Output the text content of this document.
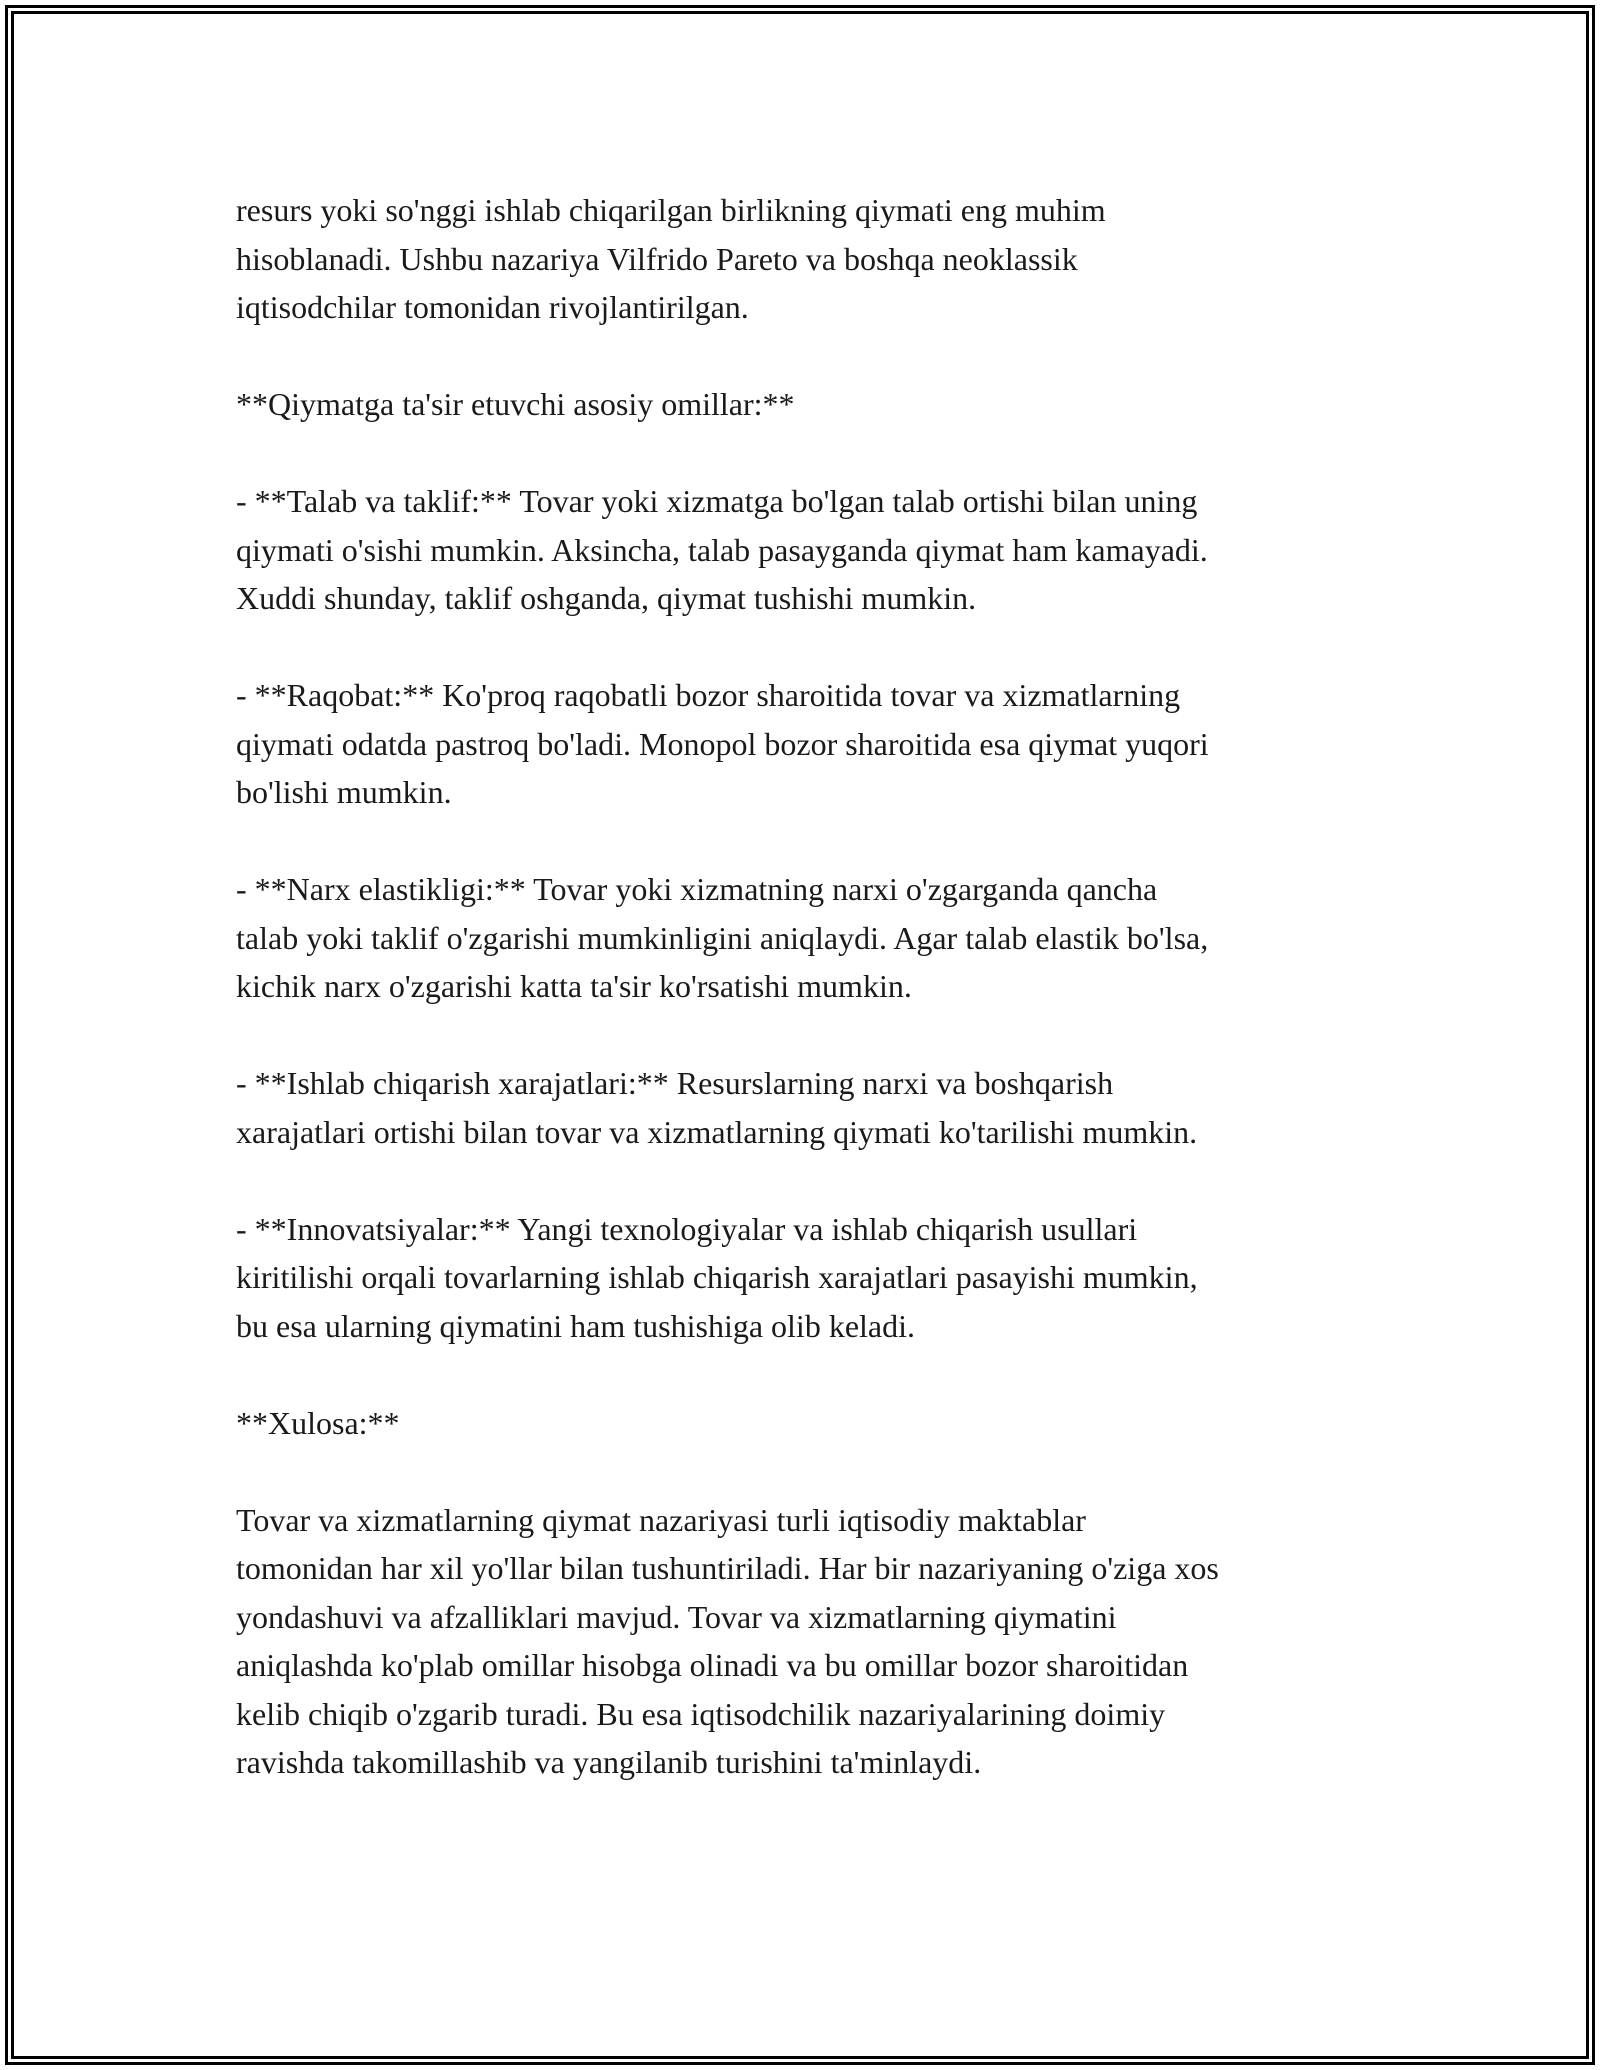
resurs yoki so'nggi ishlab chiqarilgan birlikning qiymati eng muhim
hisoblanadi. Ushbu nazariya Vilfrido Pareto va boshqa neoklassik
iqtisodchilar tomonidan rivojlantirilgan.

**Qiymatga ta'sir etuvchi asosiy omillar:**

- **Talab va taklif:** Tovar yoki xizmatga bo'lgan talab ortishi bilan uning
qiymati o'sishi mumkin. Aksincha, talab pasayganda qiymat ham kamayadi.
Xuddi shunday, taklif oshganda, qiymat tushishi mumkin.

- **Raqobat:** Ko'proq raqobatli bozor sharoitida tovar va xizmatlarning
qiymati odatda pastroq bo'ladi. Monopol bozor sharoitida esa qiymat yuqori
bo'lishi mumkin.

- **Narx elastikligi:** Tovar yoki xizmatning narxi o'zgarganda qancha
talab yoki taklif o'zgarishi mumkinligini aniqlaydi. Agar talab elastik bo'lsa,
kichik narx o'zgarishi katta ta'sir ko'rsatishi mumkin.

- **Ishlab chiqarish xarajatlari:** Resurslarning narxi va boshqarish
xarajatlari ortishi bilan tovar va xizmatlarning qiymati ko'tarilishi mumkin.

- **Innovatsiyalar:** Yangi texnologiyalar va ishlab chiqarish usullari
kiritilishi orqali tovarlarning ishlab chiqarish xarajatlari pasayishi mumkin,
bu esa ularning qiymatini ham tushishiga olib keladi.

**Xulosa:**

Tovar va xizmatlarning qiymat nazariyasi turli iqtisodiy maktablar
tomonidan har xil yo'llar bilan tushuntiriladi. Har bir nazariyaning o'ziga xos
yondashuvi va afzalliklari mavjud. Tovar va xizmatlarning qiymatini
aniqlashda ko'plab omillar hisobga olinadi va bu omillar bozor sharoitidan
kelib chiqib o'zgarib turadi. Bu esa iqtisodchilik nazariyalarining doimiy
ravishda takomillashib va yangilanib turishini ta'minlaydi.
